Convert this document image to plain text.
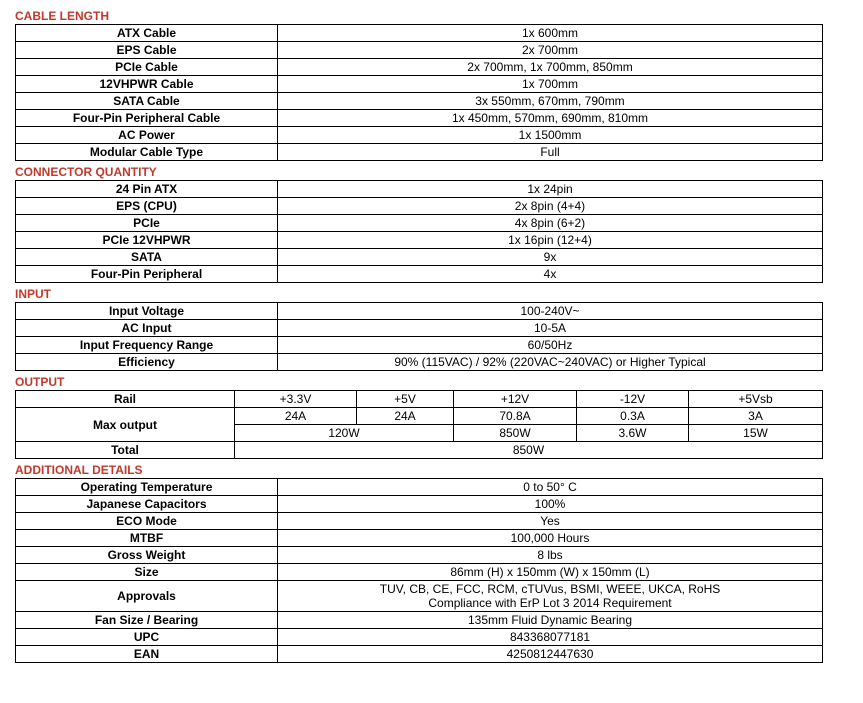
CABLE LENGTH
ATX Cable	1x 600mm
EPS Cable	2x 700mm
PCIe Cable	2x 700mm, 1x 700mm, 850mm
12VHPWR Cable	1x 700mm
SATA Cable	3x 550mm, 670mm, 790mm
Four-Pin Peripheral Cable	1x 450mm, 570mm, 690mm, 810mm
AC Power	1x 1500mm
Modular Cable Type	Full
CONNECTOR QUANTITY
24 Pin ATX	1x 24pin
EPS (CPU)	2x 8pin (4+4)
PCIe	4x 8pin (6+2)
PCIe 12VHPWR	1x 16pin (12+4)
SATA	9x
Four-Pin Peripheral	4x
INPUT
Input Voltage	100-240V~
AC Input	10-5A
Input Frequency Range	60/50Hz
Efficiency	90% (115VAC) / 92% (220VAC~240VAC) or Higher Typical
OUTPUT
Rail	+3.3V	+5V	+12V	-12V	+5Vsb
Max output	24A	24A	70.8A	0.3A	3A
	120W		850W	3.6W	15W
Total	850W				
ADDITIONAL DETAILS
Operating Temperature	0 to 50° C
Japanese Capacitors	100%
ECO Mode	Yes
MTBF	100,000 Hours
Gross Weight	8 lbs
Size	86mm (H) x 150mm (W) x 150mm (L)
Approvals	TUV, CB, CE, FCC, RCM, cTUVus, BSMI, WEEE, UKCA, RoHS
Compliance with ErP Lot 3 2014 Requirement

Fan Size / Bearing	135mm Fluid Dynamic Bearing
UPC	843368077181
EAN	4250812447630
